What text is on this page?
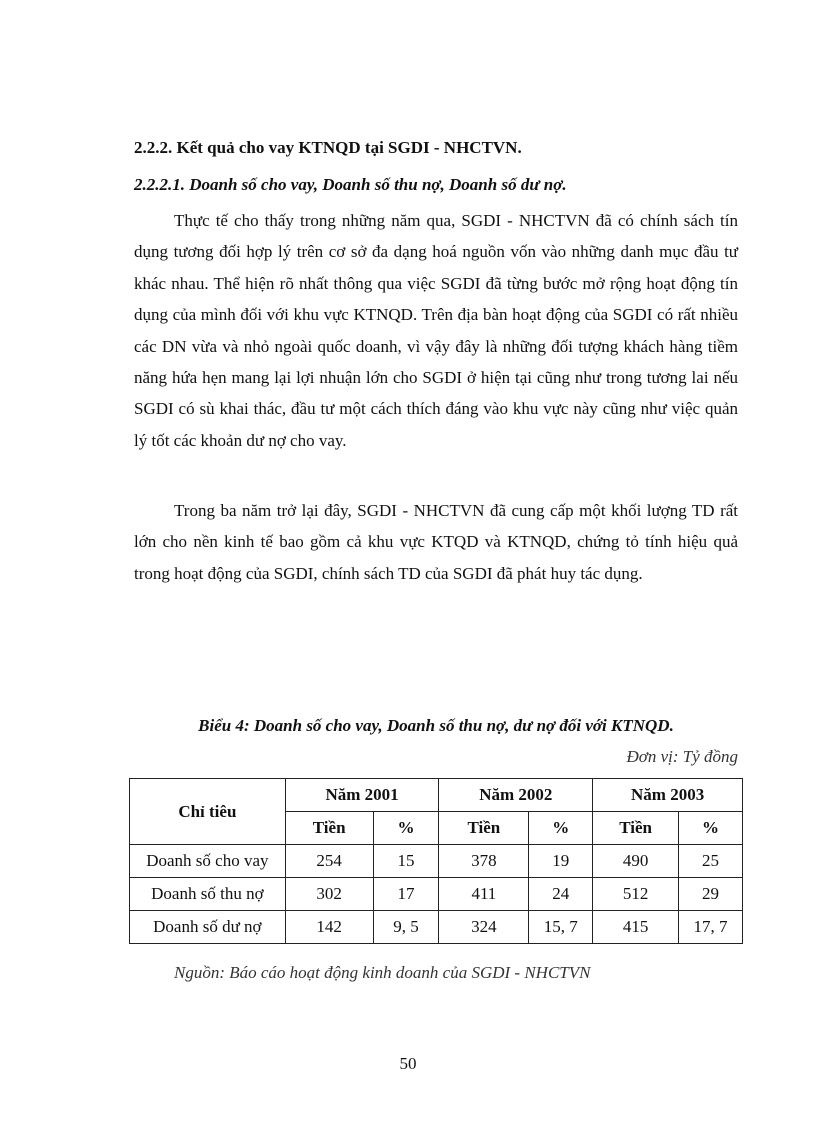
2.2.2. Kết quả cho vay KTNQD tại SGDI - NHCTVN.
2.2.2.1. Doanh số cho vay, Doanh số thu nợ, Doanh số dư nợ.

Thực tế cho thấy trong những năm qua, SGDI - NHCTVN đã có chính sách tín dụng tương đối hợp lý trên cơ sở đa dạng hoá nguồn vốn vào những danh mục đầu tư khác nhau. Thể hiện rõ nhất thông qua việc SGDI đã từng bước mở rộng hoạt động tín dụng của mình đối với khu vực KTNQD. Trên địa bàn hoạt động của SGDI có rất nhiều các DN vừa và nhỏ ngoài quốc doanh, vì vậy đây là những đối tượng khách hàng tiềm năng hứa hẹn mang lại lợi nhuận lớn cho SGDI ở hiện tại cũng như trong tương lai nếu SGDI có sù khai thác, đầu tư một cách thích đáng vào khu vực này cũng như việc quản lý tốt các khoản dư nợ cho vay.

Trong ba năm trở lại đây, SGDI - NHCTVN đã cung cấp một khối lượng TD rất lớn cho nền kinh tế bao gồm cả khu vực KTQD và KTNQD, chứng tỏ tính hiệu quả trong hoạt động của SGDI, chính sách TD của SGDI đã phát huy tác dụng.

Biểu 4: Doanh số cho vay, Doanh số thu nợ, dư nợ đối với KTNQD.
Đơn vị: Tỷ đồng
Chỉ tiêu	Năm 2001		Năm 2002		Năm 2003	
	Tiền	%	Tiền	%	Tiền	%
Doanh số cho vay	254	15	378	19	490	25
Doanh số thu nợ	302	17	411	24	512	29
Doanh số dư nợ	142	9, 5	324	15, 7	415	17, 7
Nguồn: Báo cáo hoạt động kinh doanh của SGDI - NHCTVN
50
